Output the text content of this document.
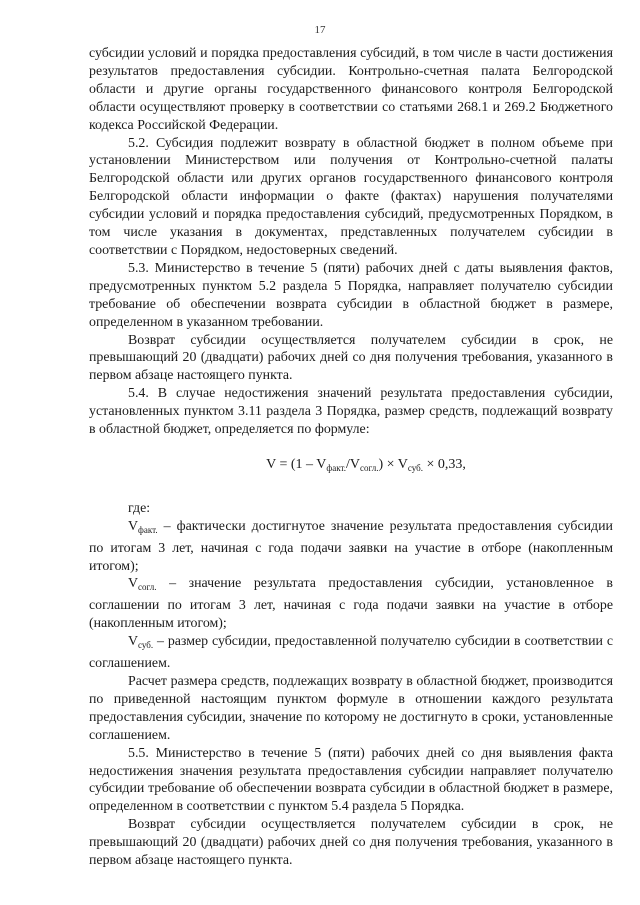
17

субсидии условий и порядка предоставления субсидий, в том числе в части достижения результатов предоставления субсидии. Контрольно-счетная палата Белгородской области и другие органы государственного финансового контроля Белгородской области осуществляют проверку в соответствии со статьями 268.1 и 269.2 Бюджетного кодекса Российской Федерации.

5.2. Субсидия подлежит возврату в областной бюджет в полном объеме при установлении Министерством или получения от Контрольно-счетной палаты Белгородской области или других органов государственного финансового контроля Белгородской области информации о факте (фактах) нарушения получателями субсидии условий и порядка предоставления субсидий, предусмотренных Порядком, в том числе указания в документах, представленных получателем субсидии в соответствии с Порядком, недостоверных сведений.

5.3. Министерство в течение 5 (пяти) рабочих дней с даты выявления фактов, предусмотренных пунктом 5.2 раздела 5 Порядка, направляет получателю субсидии требование об обеспечении возврата субсидии в областной бюджет в размере, определенном в указанном требовании.

Возврат субсидии осуществляется получателем субсидии в срок, не превышающий 20 (двадцати) рабочих дней со дня получения требования, указанного в первом абзаце настоящего пункта.

5.4. В случае недостижения значений результата предоставления субсидии, установленных пунктом 3.11 раздела 3 Порядка, размер средств, подлежащий возврату в областной бюджет, определяется по формуле:

$V = (1 - V_{факт.}/V_{согл.}) \times V_{суб.} \times 0,33$,

где:

$V_{факт.}$ – фактически достигнутое значение результата предоставления субсидии по итогам 3 лет, начиная с года подачи заявки на участие в отборе (накопленным итогом);

$V_{согл.}$ – значение результата предоставления субсидии, установленное в соглашении по итогам 3 лет, начиная с года подачи заявки на участие в отборе (накопленным итогом);

$V_{суб.}$ – размер субсидии, предоставленной получателю субсидии в соответствии с соглашением.

Расчет размера средств, подлежащих возврату в областной бюджет, производится по приведенной настоящим пунктом формуле в отношении каждого результата предоставления субсидии, значение по которому не достигнуто в сроки, установленные соглашением.

5.5. Министерство в течение 5 (пяти) рабочих дней со дня выявления факта недостижения значения результата предоставления субсидии направляет получателю субсидии требование об обеспечении возврата субсидии в областной бюджет в размере, определенном в соответствии с пунктом 5.4 раздела 5 Порядка.

Возврат субсидии осуществляется получателем субсидии в срок, не превышающий 20 (двадцати) рабочих дней со дня получения требования, указанного в первом абзаце настоящего пункта.
